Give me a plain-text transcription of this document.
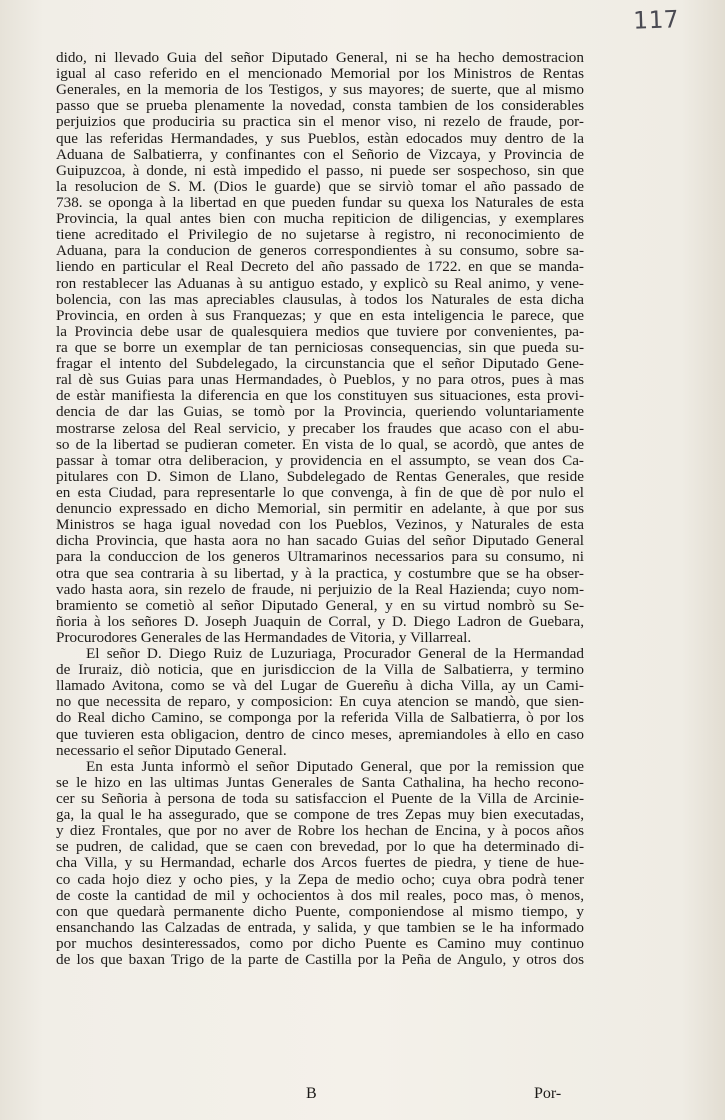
117
dido, ni llevado Guia del señor Diputado General, ni se ha hecho demostracion
igual al caso referido en el mencionado Memorial por los Ministros de Rentas
Generales, en la memoria de los Testigos, y sus mayores; de suerte, que al mismo
passo que se prueba plenamente la novedad, consta tambien de los considerables
perjuizios que produciria su practica sin el menor viso, ni rezelo de fraude, por-
que las referidas Hermandades, y sus Pueblos, estàn edocados muy dentro de la
Aduana de Salbatierra, y confinantes con el Señorio de Vizcaya, y Provincia de
Guipuzcoa, à donde, ni està impedido el passo, ni puede ser sospechoso, sin que
la resolucion de S. M. (Dios le guarde) que se sirviò tomar el año passado de
738. se oponga à la libertad en que pueden fundar su quexa los Naturales de esta
Provincia, la qual antes bien con mucha repiticion de diligencias, y exemplares
tiene acreditado el Privilegio de no sujetarse à registro, ni reconocimiento de
Aduana, para la conducion de generos correspondientes à su consumo, sobre sa-
liendo en particular el Real Decreto del año passado de 1722. en que se manda-
ron restablecer las Aduanas à su antiguo estado, y explicò su Real animo, y vene-
bolencia, con las mas apreciables clausulas, à todos los Naturales de esta dicha
Provincia, en orden à sus Franquezas; y que en esta inteligencia le parece, que
la Provincia debe usar de qualesquiera medios que tuviere por convenientes, pa-
ra que se borre un exemplar de tan perniciosas consequencias, sin que pueda su-
fragar el intento del Subdelegado, la circunstancia que el señor Diputado Gene-
ral dè sus Guias para unas Hermandades, ò Pueblos, y no para otros, pues à mas
de estàr manifiesta la diferencia en que los constituyen sus situaciones, esta provi-
dencia de dar las Guias, se tomò por la Provincia, queriendo voluntariamente
mostrarse zelosa del Real servicio, y precaber los fraudes que acaso con el abu-
so de la libertad se pudieran cometer. En vista de lo qual, se acordò, que antes de
passar à tomar otra deliberacion, y providencia en el assumpto, se vean dos Ca-
pitulares con D. Simon de Llano, Subdelegado de Rentas Generales, que reside
en esta Ciudad, para representarle lo que convenga, à fin de que dè por nulo el
denuncio expressado en dicho Memorial, sin permitir en adelante, à que por sus
Ministros se haga igual novedad con los Pueblos, Vezinos, y Naturales de esta
dicha Provincia, que hasta aora no han sacado Guias del señor Diputado General
para la conduccion de los generos Ultramarinos necessarios para su consumo, ni
otra que sea contraria à su libertad, y à la practica, y costumbre que se ha obser-
vado hasta aora, sin rezelo de fraude, ni perjuizio de la Real Hazienda; cuyo nom-
bramiento se cometiò al señor Diputado General, y en su virtud nombrò su Se-
ñoria à los señores D. Joseph Juaquin de Corral, y D. Diego Ladron de Guebara,
Procurodores Generales de las Hermandades de Vitoria, y Villarreal.
El señor D. Diego Ruiz de Luzuriaga, Procurador General de la Hermandad
de Iruraiz, diò noticia, que en jurisdiccion de la Villa de Salbatierra, y termino
llamado Avitona, como se và del Lugar de Guereñu à dicha Villa, ay un Cami-
no que necessita de reparo, y composicion: En cuya atencion se mandò, que sien-
do Real dicho Camino, se componga por la referida Villa de Salbatierra, ò por los
que tuvieren esta obligacion, dentro de cinco meses, apremiandoles à ello en caso
necessario el señor Diputado General.
En esta Junta informò el señor Diputado General, que por la remission que
se le hizo en las ultimas Juntas Generales de Santa Cathalina, ha hecho recono-
cer su Señoria à persona de toda su satisfaccion el Puente de la Villa de Arcinie-
ga, la qual le ha assegurado, que se compone de tres Zepas muy bien executadas,
y diez Frontales, que por no aver de Robre los hechan de Encina, y à pocos años
se pudren, de calidad, que se caen con brevedad, por lo que ha determinado di-
cha Villa, y su Hermandad, echarle dos Arcos fuertes de piedra, y tiene de hue-
co cada hojo diez y ocho pies, y la Zepa de medio ocho; cuya obra podrà tener
de coste la cantidad de mil y ochocientos à dos mil reales, poco mas, ò menos,
con que quedarà permanente dicho Puente, componiendose al mismo tiempo, y
ensanchando las Calzadas de entrada, y salida, y que tambien se le ha informado
por muchos desinteressados, como por dicho Puente es Camino muy continuo
de los que baxan Trigo de la parte de Castilla por la Peña de Angulo, y otros dos
B	Por-
